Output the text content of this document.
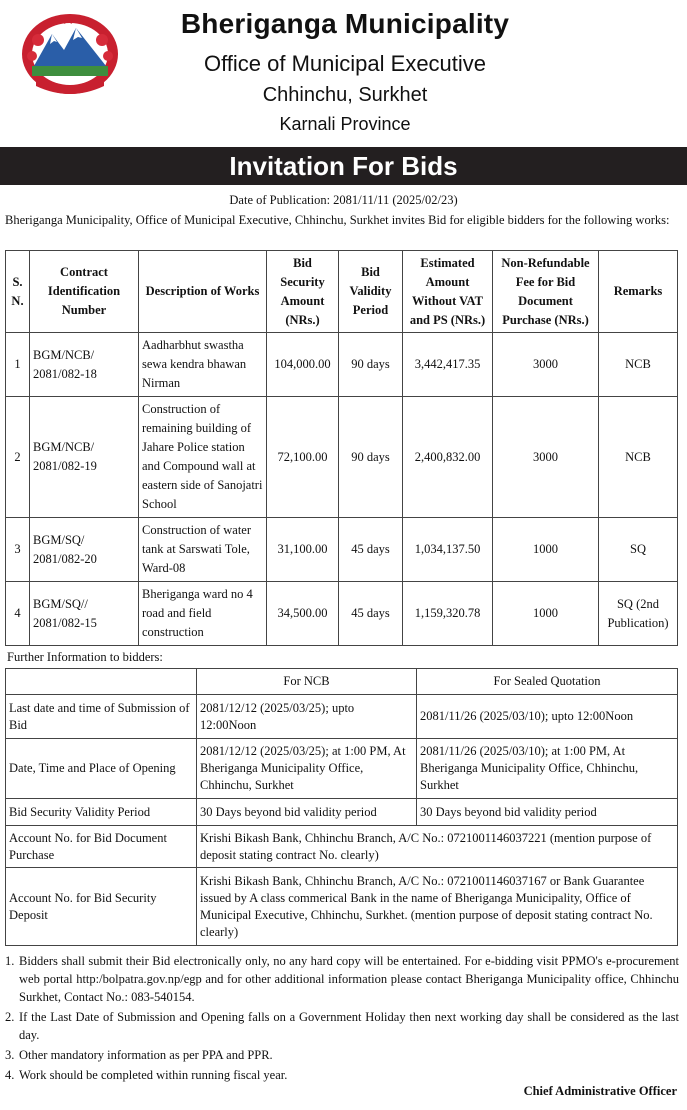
Bheriganga Municipality
Office of Municipal Executive
Chhinchu, Surkhet
Karnali Province
Invitation For Bids
Date of Publication: 2081/11/11 (2025/02/23)
Bheriganga Municipality, Office of Municipal Executive, Chhinchu, Surkhet invites Bid for eligible bidders for the following works:
S. N.	Contract Identification Number	Description of Works	Bid Security Amount (NRs.)	Bid Validity Period	Estimated Amount Without VAT and PS (NRs.)	Non-Refundable Fee for Bid Document Purchase (NRs.)	Remarks
1	BGM/NCB/ 2081/082-18	Aadharbhut swastha sewa kendra bhawan Nirman	104,000.00	90 days	3,442,417.35	3000	NCB
2	BGM/NCB/ 2081/082-19	Construction of remaining building of Jahare Police station and Compound wall at eastern side of Sanojatri School	72,100.00	90 days	2,400,832.00	3000	NCB
3	BGM/SQ/ 2081/082-20	Construction of water tank at Sarswati Tole, Ward-08	31,100.00	45 days	1,034,137.50	1000	SQ
4	BGM/SQ// 2081/082-15	Bheriganga ward no 4 road and field construction	34,500.00	45 days	1,159,320.78	1000	SQ (2nd Publication)
Further Information to bidders:
	For NCB	For Sealed Quotation
Last date and time of Submission of Bid	2081/12/12 (2025/03/25); upto 12:00Noon	2081/11/26 (2025/03/10); upto 12:00Noon
Date, Time and Place of Opening	2081/12/12 (2025/03/25); at 1:00 PM, At Bheriganga Municipality Office, Chhinchu, Surkhet	2081/11/26 (2025/03/10); at 1:00 PM, At Bheriganga Municipality Office, Chhinchu, Surkhet
Bid Security Validity Period	30 Days beyond bid validity period	30 Days beyond bid validity period
Account No. for Bid Document Purchase	Krishi Bikash Bank, Chhinchu Branch, A/C No.: 0721001146037221 (mention purpose of deposit stating contract No. clearly)	
Account No. for Bid Security Deposit	Krishi Bikash Bank, Chhinchu Branch, A/C No.: 0721001146037167 or Bank Guarantee issued by A class commerical Bank in the name of Bheriganga Municipality, Office of Municipal Executive, Chhinchu, Surkhet. (mention purpose of deposit stating contract No. clearly)	
1. Bidders shall submit their Bid electronically only, no any hard copy will be entertained. For e-bidding visit PPMO's e-procurement web portal http:/bolpatra.gov.np/egp and for other additional information please contact Bheriganga Municipality office, Chhinchu Surkhet, Contact No.: 083-540154.
2. If the Last Date of Submission and Opening falls on a Government Holiday then next working day shall be considered as the last day.
3. Other mandatory information as per PPA and PPR.
4. Work should be completed within running fiscal year.
Chief Administrative Officer
